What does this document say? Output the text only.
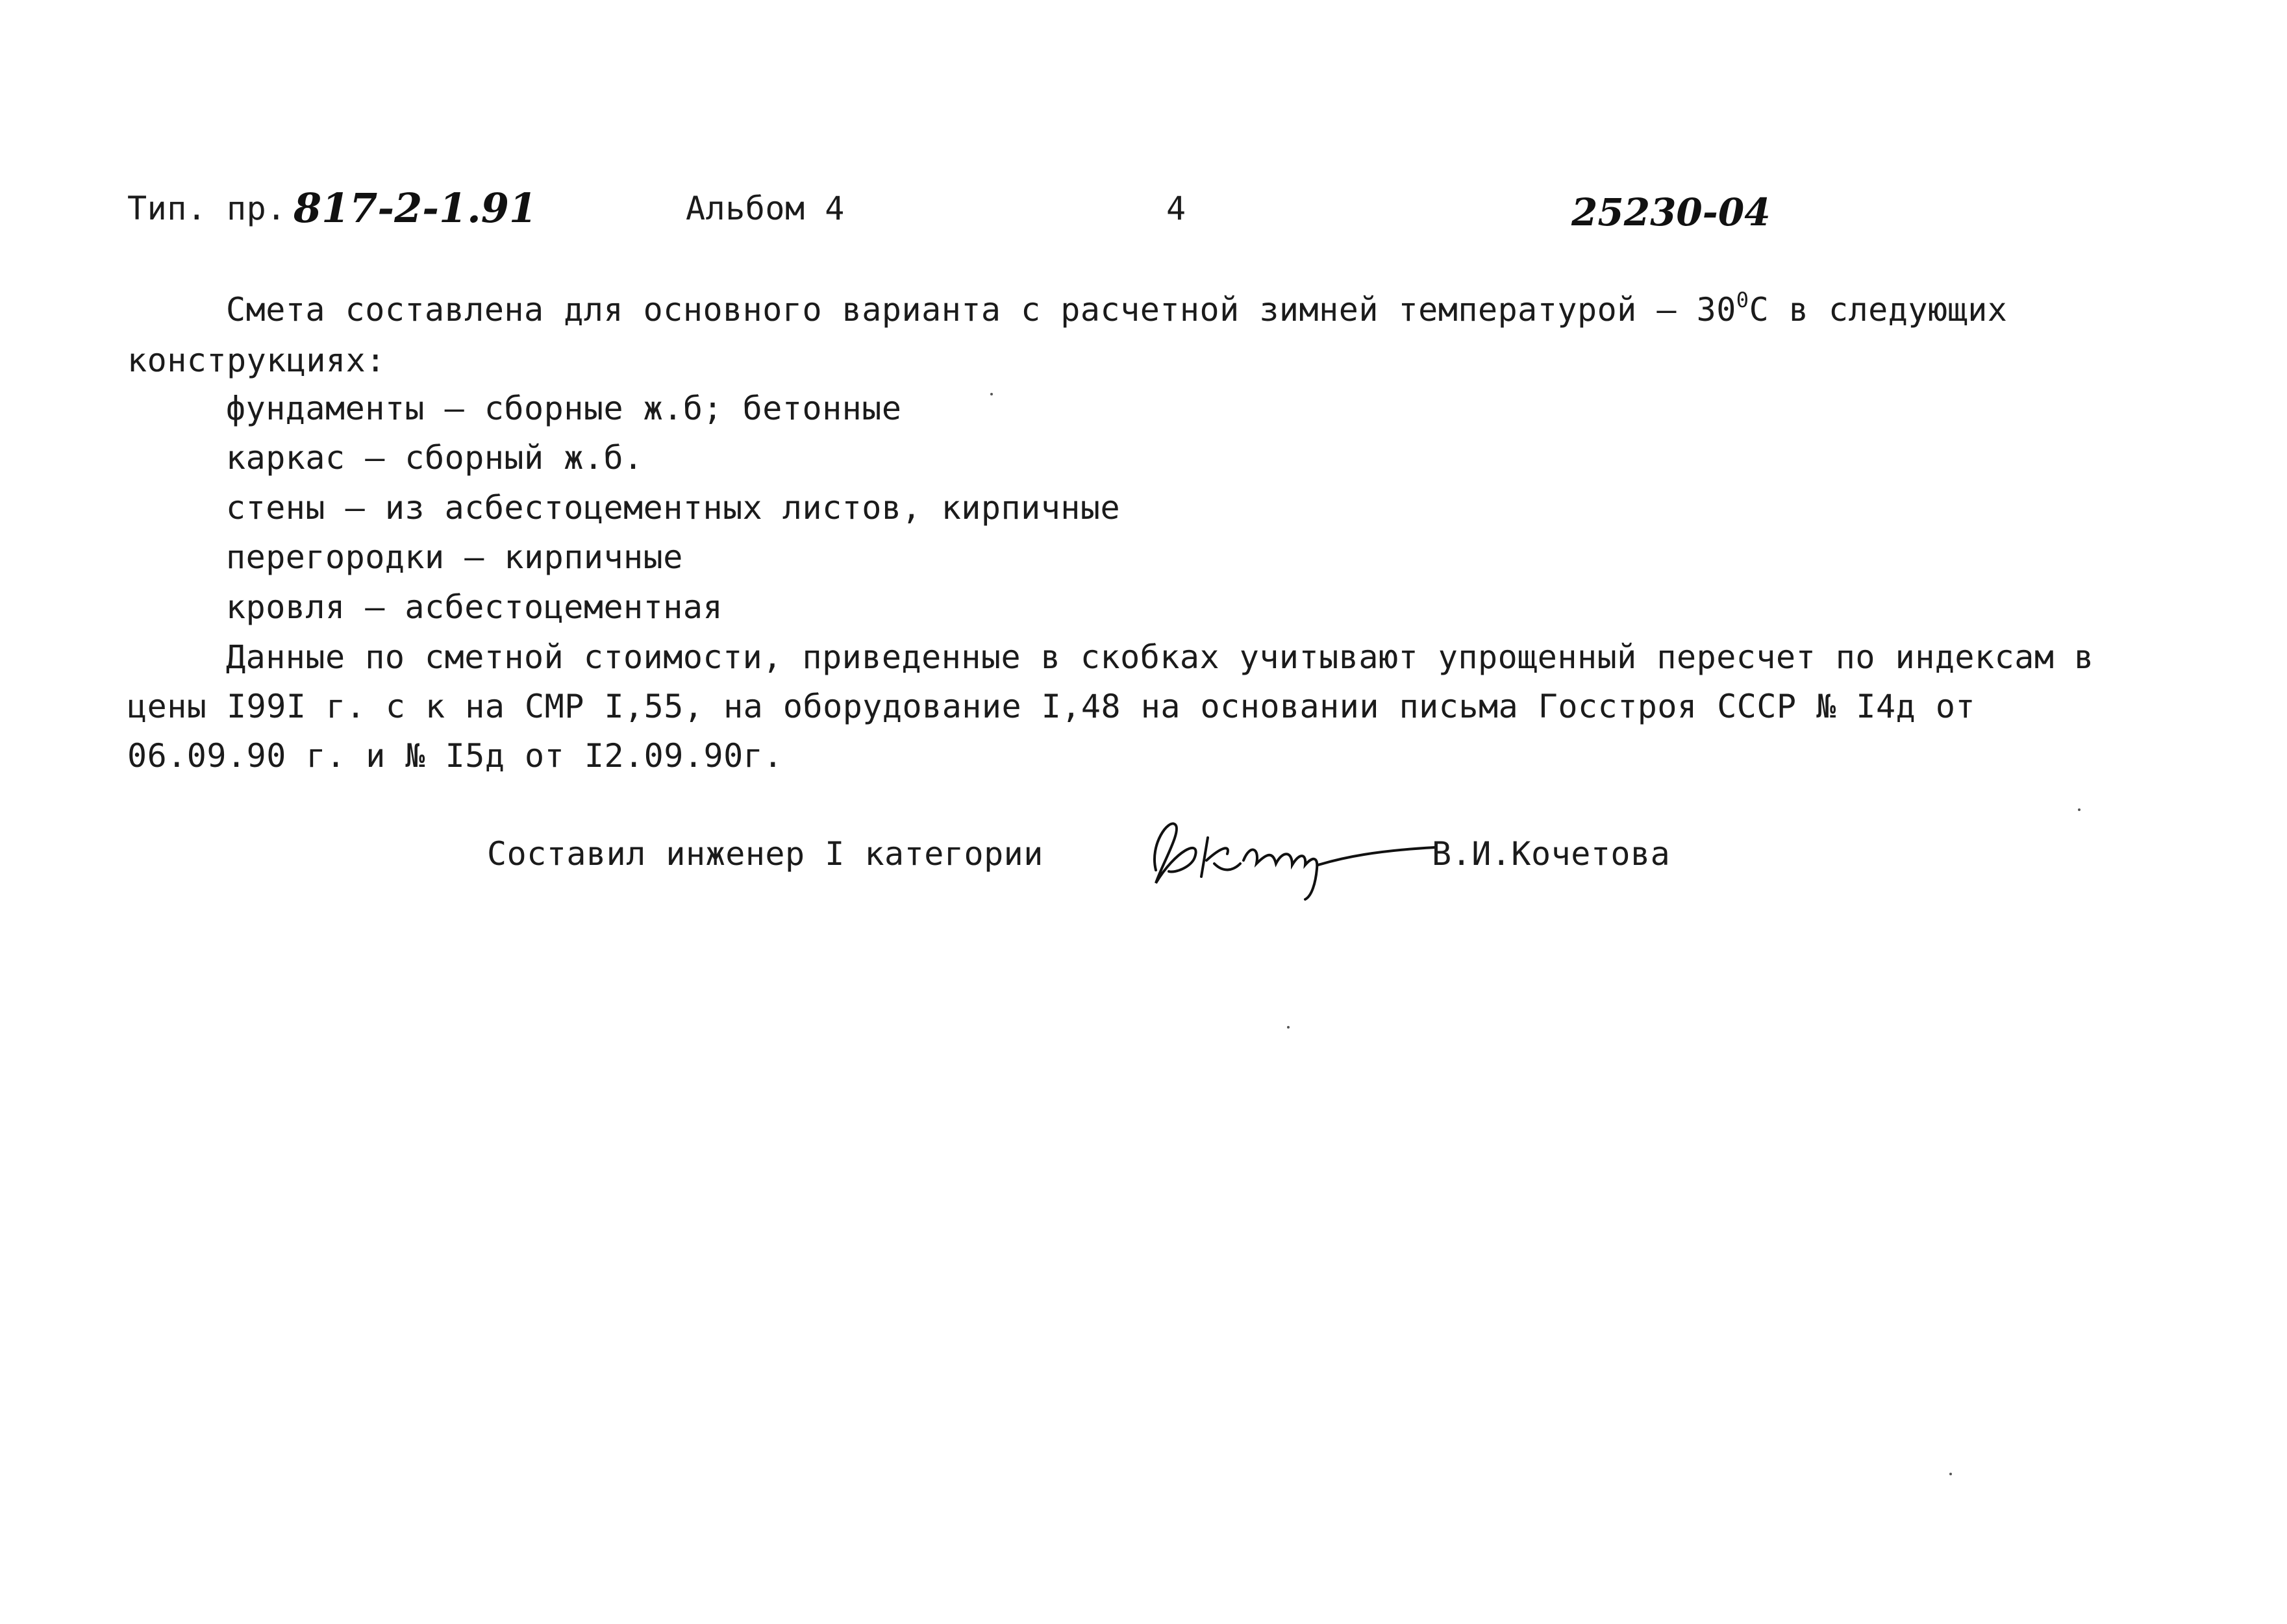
Тип. пр. 817-2-1.91	Альбом 4	4	25230-04
Смета составлена для основного варианта с расчетной зимней температурой – $30^0С$ в следующих
конструкциях:
фундаменты – сборные ж.б; бетонные
каркас – сборный ж.б.
стены – из асбестоцементных листов, кирпичные
перегородки – кирпичные
кровля – асбестоцементная
Данные по сметной стоимости, приведенные в скобках учитывают упрощенный пересчет по индексам в
цены I99I г. с к на СМР I,55, на оборудование I,48 на основании письма Госстроя СССР № I4д от
06.09.90 г. и № I5д от I2.09.90г.
Составил инженер I категории	В.И.Кочетова
